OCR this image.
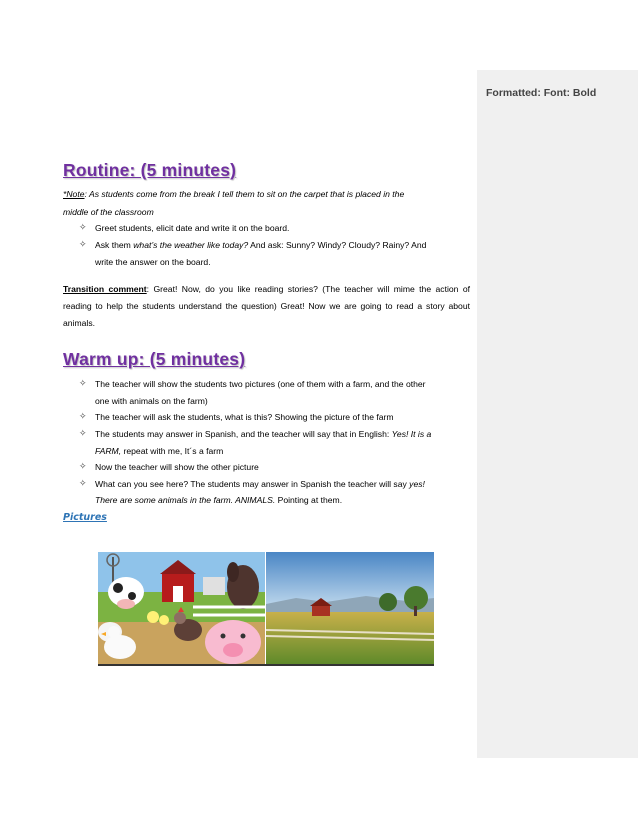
Formatted: Font: Bold
Routine: (5 minutes)
*Note: As students come from the break I tell them to sit on the carpet that is placed in the
middle of the classroom
✧ Greet students, elicit date and write it on the board.
✧ Ask them what’s the weather like today? And ask: Sunny? Windy? Cloudy? Rainy? And
write the answer on the board.
Transition comment: Great! Now, do you like reading stories? (The teacher will mime the action of reading to help the students understand the question) Great! Now we are going to read a story about animals.
Warm up: (5 minutes)
✧ The teacher will show the students two pictures (one of them with a farm, and the other
one with animals on the farm)
✧ The teacher will ask the students, what is this? Showing the picture of the farm
✧ The students may answer in Spanish, and the teacher will say that in English: Yes! It is a
FARM, repeat with me, It´s a farm
✧ Now the teacher will show the other picture
✧ What can you see here? The students may answer in Spanish the teacher will say yes!
There are some animals in the farm. ANIMALS. Pointing at them.
Pictures
